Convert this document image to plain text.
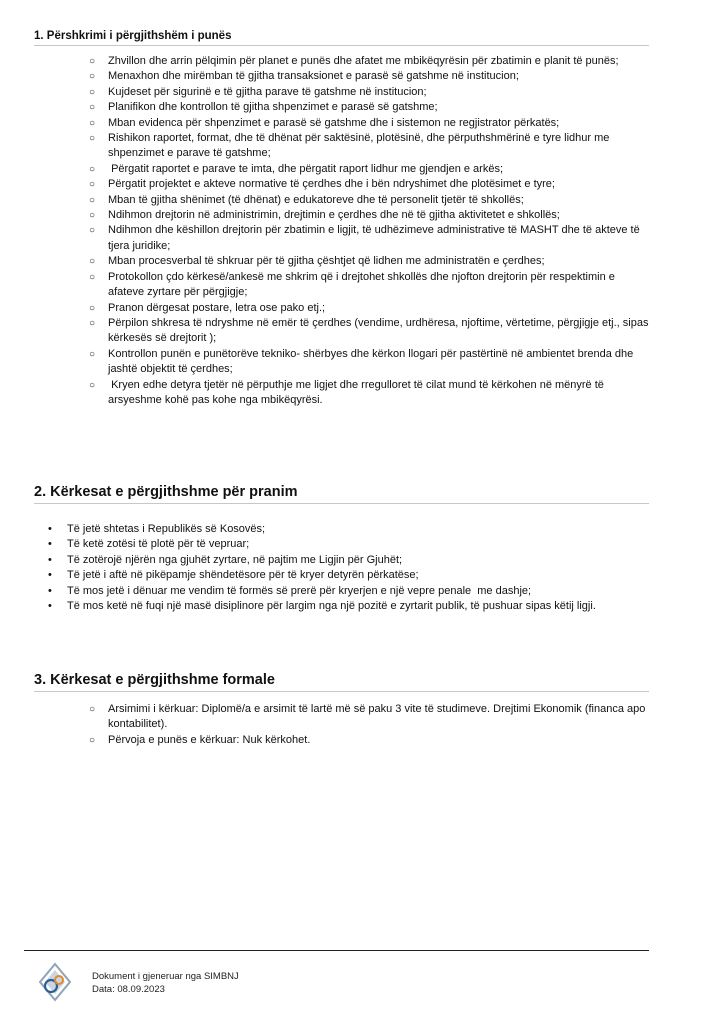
1. Përshkrimi i përgjithshëm i punës
○ Zhvillon dhe arrin pëlqimin për planet e punës dhe afatet me mbikëqyrësin për zbatimin e planit të punës;
○ Menaxhon dhe mirëmban të gjitha transaksionet e parasë së gatshme në institucion;
○ Kujdeset për sigurinë e të gjitha parave të gatshme në institucion;
○ Planifikon dhe kontrollon të gjitha shpenzimet e parasë së gatshme;
○ Mban evidenca për shpenzimet e parasë së gatshme dhe i sistemon ne regjistrator përkatës;
○ Rishikon raportet, format, dhe të dhënat për saktësinë, plotësinë, dhe përputhshmërinë e tyre lidhur me shpenzimet e parave të gatshme;
○ Përgatit raportet e parave te imta, dhe përgatit raport lidhur me gjendjen e arkës;
○ Përgatit projektet e akteve normative të çerdhes dhe i bën ndryshimet dhe plotësimet e tyre;
○ Mban të gjitha shënimet (të dhënat) e edukatoreve dhe të personelit tjetër të shkollës;
○ Ndihmon drejtorin në administrimin, drejtimin e çerdhes dhe në të gjitha aktivitetet e shkollës;
○ Ndihmon dhe këshillon drejtorin për zbatimin e ligjit, të udhëzimeve administrative të MASHT dhe të akteve të tjera juridike;
○ Mban procesverbal të shkruar për të gjitha çështjet që lidhen me administratën e çerdhes;
○ Protokollon çdo kërkesë/ankesë me shkrim që i drejtohet shkollës dhe njofton drejtorin për respektimin e afateve zyrtare për përgjigje;
○ Pranon dërgesat postare, letra ose pako etj.;
○ Përpilon shkresa të ndryshme në emër të çerdhes (vendime, urdhëresa, njoftime, vërtetime, përgjigje etj., sipas kërkesës së drejtorit );
○ Kontrollon punën e punëtorëve tekniko- shërbyes dhe kërkon llogari për pastërtinë në ambientet brenda dhe jashtë objektit të çerdhes;
○ Kryen edhe detyra tjetër në përputhje me ligjet dhe rregulloret të cilat mund të kërkohen në mënyrë të arsyeshme kohë pas kohe nga mbikëqyrësi.
2. Kërkesat e përgjithshme për pranim
• Të jetë shtetas i Republikës së Kosovës;
• Të ketë zotësi të plotë për të vepruar;
• Të zotërojë njërën nga gjuhët zyrtare, në pajtim me Ligjin për Gjuhët;
• Të jetë i aftë në pikëpamje shëndetësore për të kryer detyrën përkatëse;
• Të mos jetë i dënuar me vendim të formës së prerë për kryerjen e një vepre penale  me dashje;
• Të mos ketë në fuqi një masë disiplinore për largim nga një pozitë e zyrtarit publik, të pushuar sipas këtij ligji.
3. Kërkesat e përgjithshme formale
○ Arsimimi i kërkuar: Diplomë/a e arsimit të lartë më së paku 3 vite të studimeve. Drejtimi Ekonomik (financa apo kontabilitet).
○ Përvoja e punës e kërkuar: Nuk kërkohet.
Dokument i gjeneruar nga SIMBNJ
Data: 08.09.2023
